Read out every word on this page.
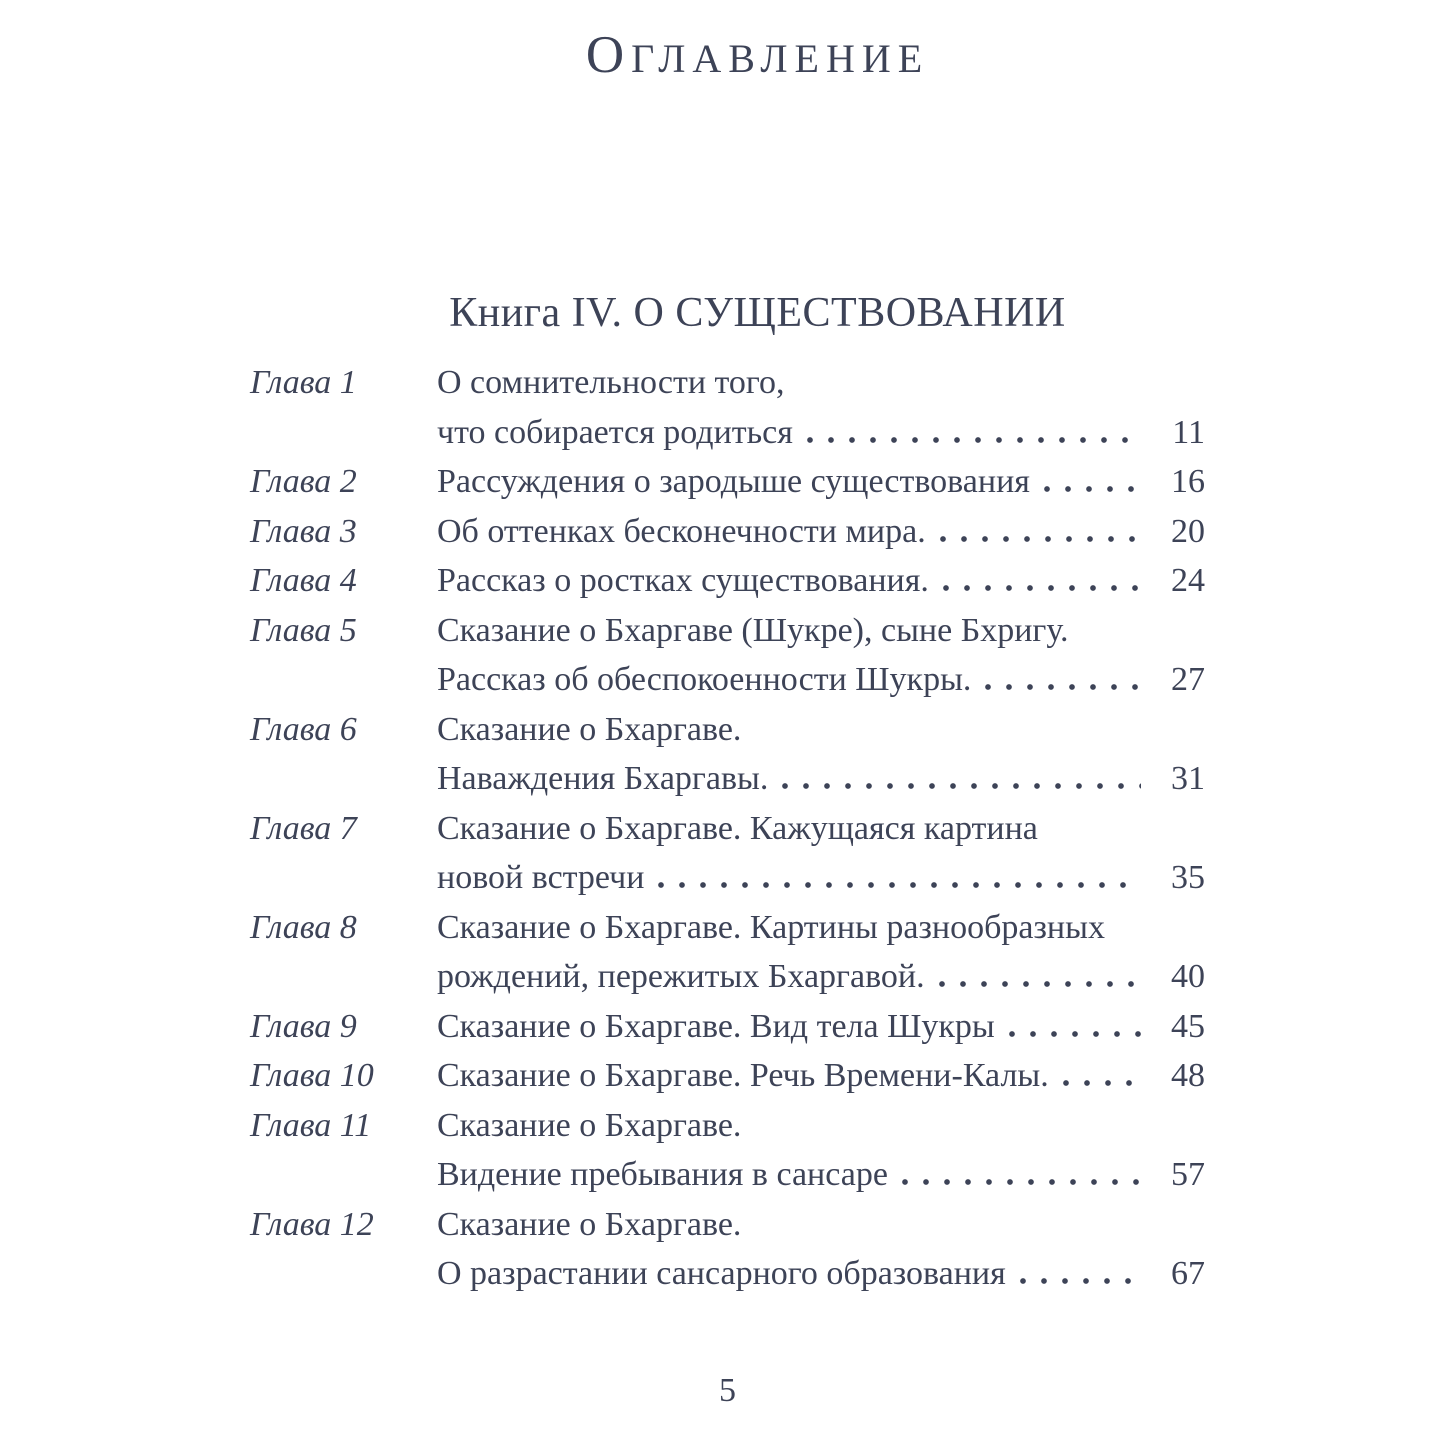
ОГЛАВЛЕНИЕ
Книга IV. О СУЩЕСТВОВАНИИ
Глава 1	О сомнительности того,
что собирается родиться	11
Глава 2	Рассуждения о зародыше существования	16
Глава 3	Об оттенках бесконечности мира.	20
Глава 4	Рассказ о ростках существования.	24
Глава 5	Сказание о Бхаргаве (Шукре), сыне Бхригу.
Рассказ об обеспокоенности Шукры.	27
Глава 6	Сказание о Бхаргаве.
Наваждения Бхаргавы.	31
Глава 7	Сказание о Бхаргаве. Кажущаяся картина
новой встречи	35
Глава 8	Сказание о Бхаргаве. Картины разнообразных
рождений, пережитых Бхаргавой.	40
Глава 9	Сказание о Бхаргаве. Вид тела Шукры	45
Глава 10	Сказание о Бхаргаве. Речь Времени-Калы.	48
Глава 11	Сказание о Бхаргаве.
Видение пребывания в сансаре	57
Глава 12	Сказание о Бхаргаве.
О разрастании сансарного образования	67
5
